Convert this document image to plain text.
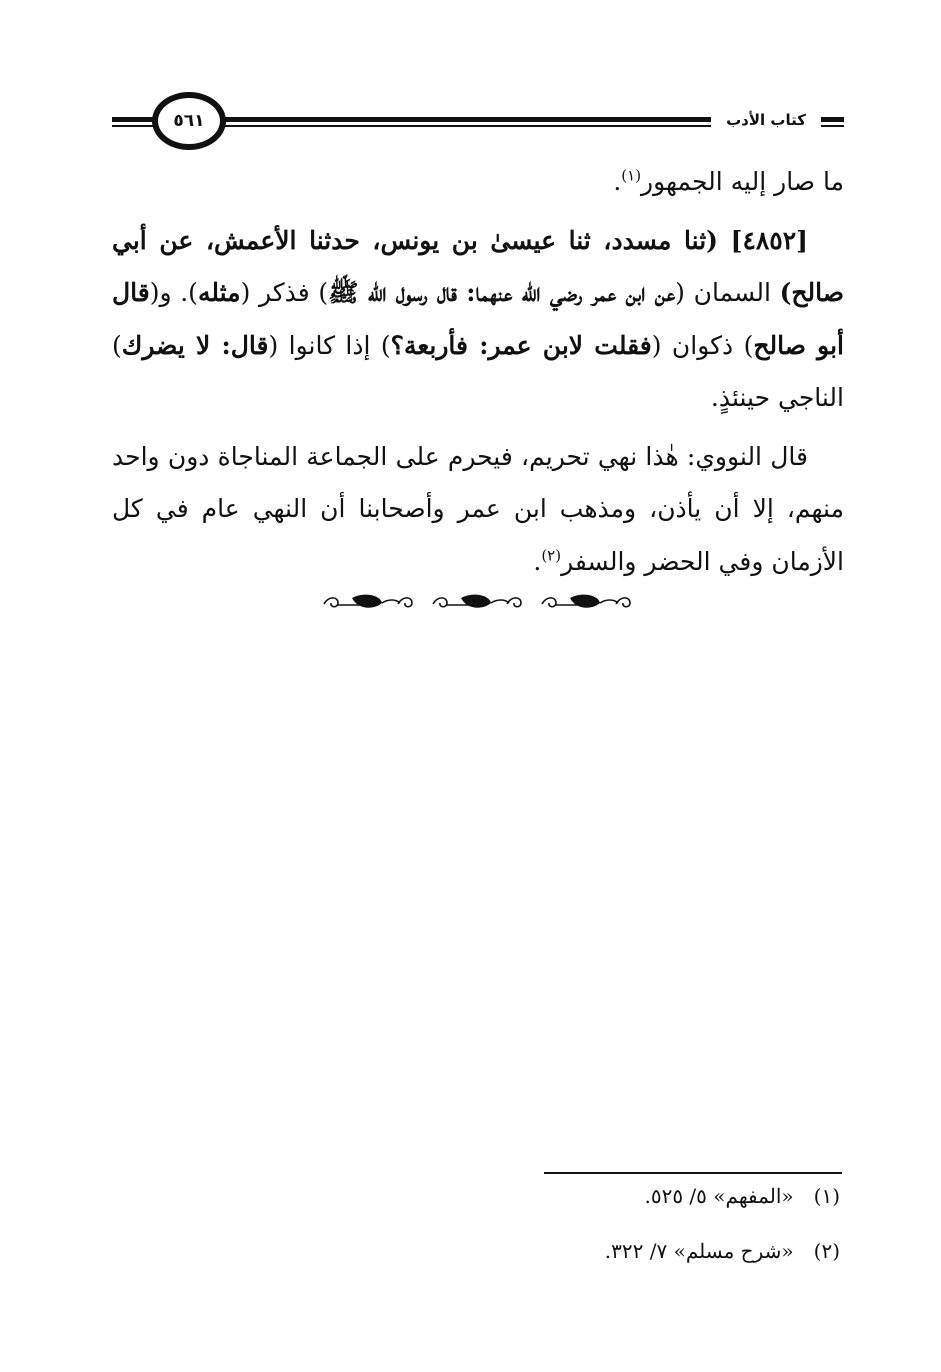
٥٦١	كتاب الأدب

ما صار إليه الجمهور$^{(١)}$.

[٤٨٥٢] (ثنا مسدد، ثنا عيسىٰ بن يونس، حدثنا الأعمش، عن أبي صالح) السمان (عن ابن عمر رضي الله عنهما: قال رسول الله ﷺ) فذكر (مثله). و(قال أبو صالح) ذكوان (فقلت لابن عمر: فأربعة؟) إذا كانوا (قال: لا يضرك) الناجي حينئذٍ.

قال النووي: هٰذا نهي تحريم، فيحرم على الجماعة المناجاة دون واحد منهم، إلا أن يأذن، ومذهب ابن عمر وأصحابنا أن النهي عام في كل الأزمان وفي الحضر والسفر$^{(٢)}$.

(١)«المفهم» ٥/ ٥٢٥.
(٢)«شرح مسلم» ٧/ ٣٢٢.
